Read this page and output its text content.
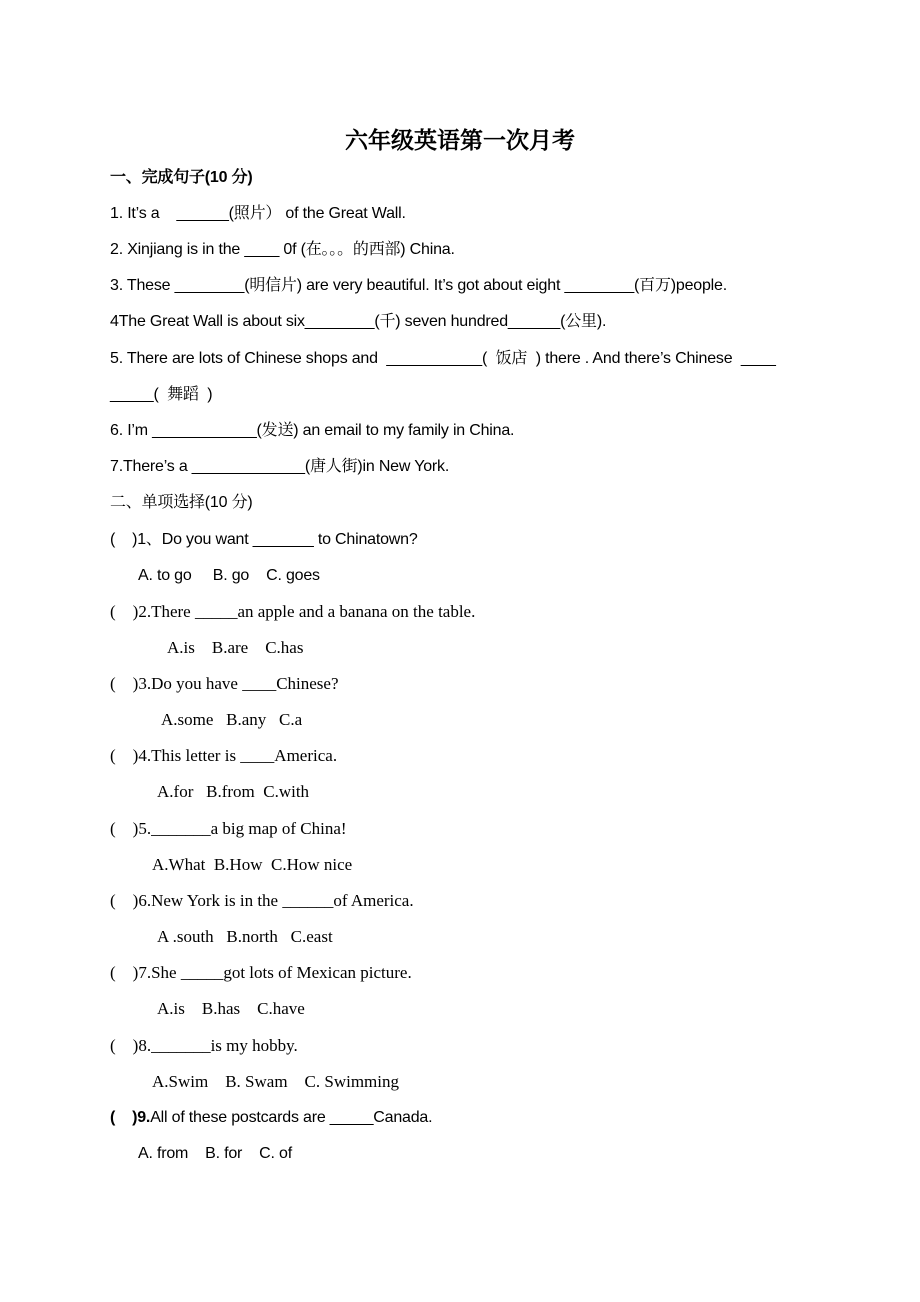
六年级英语第一次月考
一、完成句子(10 分)
1. It’s a    ______(照片） of the Great Wall.
2. Xinjiang is in the ____ 0f (在。。。的西部) China.
3. These ________(明信片) are very beautiful. It’s got about eight ________(百万)people.
4The Great Wall is about six________(千) seven hundred______(公里).
5. There are lots of Chinese shops and  ___________(  饭店  ) there . And there’s Chinese  ____
_____(  舞蹈  )
6. I’m ____________(发送) an email to my family in China.
7.There’s a _____________(唐人街)in New York.
二、单项选择(10 分)
(    )1、Do you want _______ to Chinatown?
A. to go     B. go    C. goes
(    )2.There _____an apple and a banana on the table.
A.is    B.are    C.has
(    )3.Do you have ____Chinese?
A.some   B.any   C.a
(    )4.This letter is ____America.
A.for   B.from  C.with
(    )5._______a big map of China!
A.What  B.How  C.How nice
(    )6.New York is in the ______of America.
A .south   B.north   C.east
(    )7.She _____got lots of Mexican picture.
A.is    B.has    C.have
(    )8._______is my hobby.
A.Swim    B. Swam    C. Swimming
(    )9.All of these postcards are _____Canada.
A. from    B. for    C. of
